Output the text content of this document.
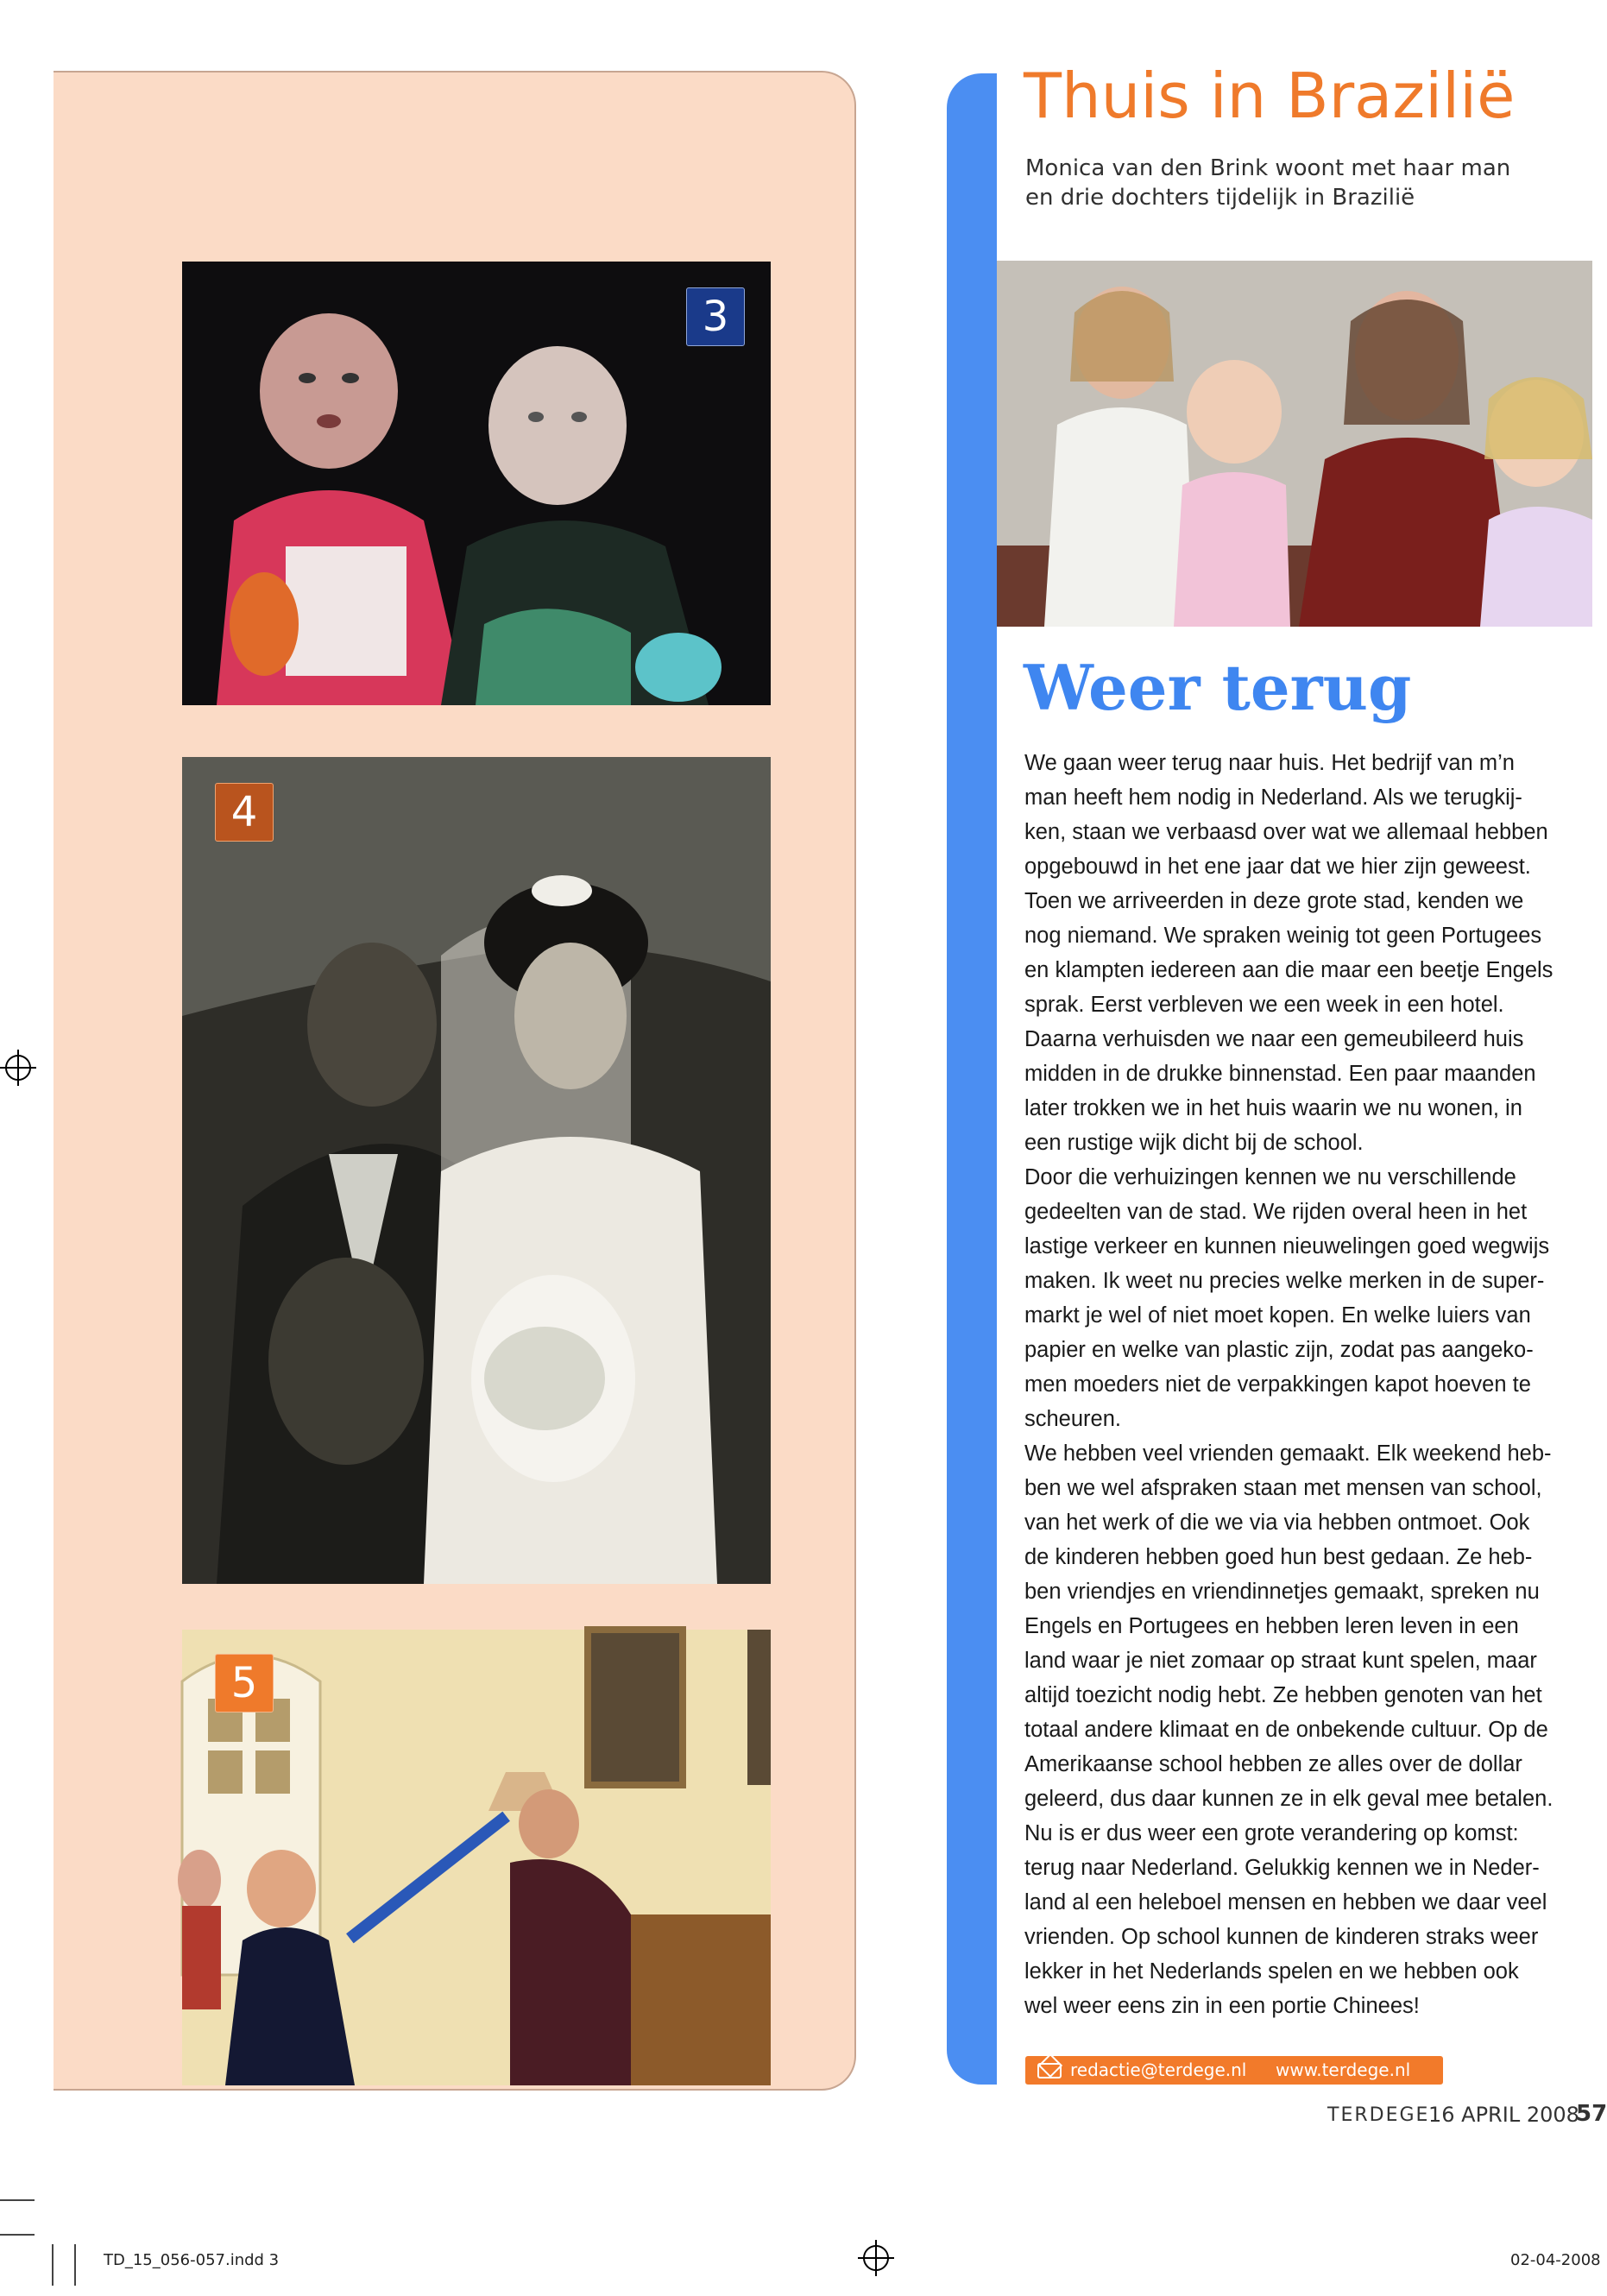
3
4
5
Thuis in Brazilië
Monica van den Brink woont met haar man
en drie dochters tijdelijk in Brazilië
Weer terug
We gaan weer terug naar huis. Het bedrijf van m’n
man heeft hem nodig in Nederland. Als we terugkij-
ken, staan we verbaasd over wat we allemaal hebben
opgebouwd in het ene jaar dat we hier zijn geweest.
Toen we arriveerden in deze grote stad, kenden we
nog niemand. We spraken weinig tot geen Portugees
en klampten iedereen aan die maar een beetje Engels
sprak. Eerst verbleven we een week in een hotel.
Daarna verhuisden we naar een gemeubileerd huis
midden in de drukke binnenstad. Een paar maanden
later trokken we in het huis waarin we nu wonen, in
een rustige wijk dicht bij de school.
Door die verhuizingen kennen we nu verschillende
gedeelten van de stad. We rijden overal heen in het
lastige verkeer en kunnen nieuwelingen goed wegwijs
maken. Ik weet nu precies welke merken in de super-
markt je wel of niet moet kopen. En welke luiers van
papier en welke van plastic zijn, zodat pas aangeko-
men moeders niet de verpakkingen kapot hoeven te
scheuren.
We hebben veel vrienden gemaakt. Elk weekend heb-
ben we wel afspraken staan met mensen van school,
van het werk of die we via via hebben ontmoet. Ook
de kinderen hebben goed hun best gedaan. Ze heb-
ben vriendjes en vriendinnetjes gemaakt, spreken nu
Engels en Portugees en hebben leren leven in een
land waar je niet zomaar op straat kunt spelen, maar
altijd toezicht nodig hebt. Ze hebben genoten van het
totaal andere klimaat en de onbekende cultuur. Op de
Amerikaanse school hebben ze alles over de dollar
geleerd, dus daar kunnen ze in elk geval mee betalen.
Nu is er dus weer een grote verandering op komst:
terug naar Nederland. Gelukkig kennen we in Neder-
land al een heleboel mensen en hebben we daar veel
vrienden. Op school kunnen de kinderen straks weer
lekker in het Nederlands spelen en we hebben ook
wel weer eens zin in een portie Chinees!
redactie@terdege.nl www.terdege.nl
TERDEGE
16 APRIL 2008
57
TD_15_056-057.indd 3	02-04-2008
